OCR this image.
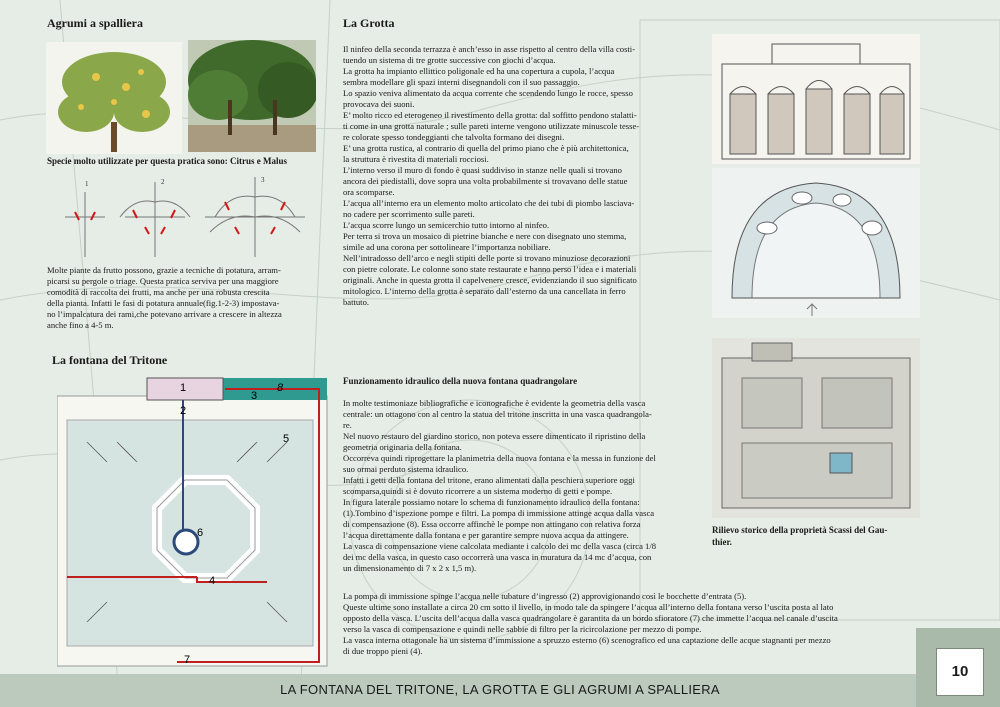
Agrumi a spalliera
Specie molto utilizzate per questa pratica sono: Citrus e Malus
1	2	3

Molte piante da frutto possono, grazie a tecniche di potatura, arram-
picarsi su pergole o triage. Questa pratica serviva per una maggiore
comodità di raccolta dei frutti, ma anche per una robusta crescita
della pianta. Infatti le fasi di potatura annuale(fig.1-2-3) impostava-
no l’impalcatura dei rami,che potevano arrivare a crescere in altezza
anche fino a 4-5 m.

La fontana del Tritone
1
2
3
4
5
6
7
8
La Grotta

Il ninfeo della seconda terrazza è anch’esso in asse rispetto al centro della villa costi-
tuendo un sistema di tre grotte successive con giochi d’acqua.
La grotta ha impianto ellittico poligonale ed ha una copertura a cupola, l’acqua
sembra modellare gli spazi interni disegnandoli con il suo passaggio.
Lo spazio veniva alimentato da acqua corrente che scendendo lungo le rocce, spesso
provocava dei suoni.
E’ molto ricco ed eterogeneo il rivestimento della grotta: dal soffitto pendono stalatti-
ti come in una grotta naturale ; sulle pareti interne vengono utilizzate minuscole tesse-
re colorate spesso tondeggianti che talvolta formano dei disegni.
E’ una grotta rustica, al contrario di quella del primo piano che è più architettonica,
la struttura è rivestita di materiali rocciosi.
L’interno verso il muro di fondo è quasi suddiviso in stanze nelle quali si trovano
ancora dei piedistalli, dove sopra una volta probabilmente si trovavano delle statue
ora scomparse.
L’acqua all’interno era un elemento molto articolato che dei tubi di piombo lasciava-
no cadere per scorrimento sulle pareti.
L’acqua scorre lungo un semicerchio tutto intorno al ninfeo.
Per terra si trova un mosaico di pietrine bianche e nere con disegnato uno stemma,
simile ad una corona per sottolineare l’importanza nobiliare.
Nell’intradosso dell’arco e negli stipiti delle porte si trovano minuziose decorazioni
con pietre colorate. Le colonne sono state restaurate e hanno perso l’idea e i materiali
originali. Anche in questa grotta il capelvenere cresce, evidenziando il suo significato
mitologico. L’interno della grotta è separato dall’esterno da una cancellata in ferro
battuto.

Funzionamento idraulico della nuova fontana quadrangolare

In molte testimoniaze bibliografiche e iconografiche è evidente la geometria della vasca
centrale: un ottagono con al centro la statua del tritone inscritta in una vasca quadrangola-
re.
Nel nuovo restauro del giardino storico, non poteva essere dimenticato il ripristino della
geometria originaria della fontana.
Occorreva quindi riprogettare la planimetria della nuova fontana e la messa in funzione del
suo ormai perduto sistema idraulico.
Infatti i getti della fontana del tritone, erano alimentati dalla peschiera superiore oggi
scomparsa,quindi si è dovuto ricorrere a un sistema moderno di getti e pompe.
In figura laterale possiamo notare lo schema di funzionamento idraulico della fontana:
(1).Tombino d’ispezione pompe e filtri. La pompa di immissione attinge acqua dalla vasca
di compensazione (8). Essa occorre affinchè le pompe non attingano con relativa forza
l’acqua direttamente dalla fontana e per garantire sempre nuova acqua da attingere.
La vasca di compensazione viene calcolata mediante i calcolo dei mc della vasca (circa 1/8
dei mc della vasca, in questo caso occorrerà una vasca in muratura da 14 mc d’acqua, con
un dimensionamento di 7 x 2 x 1,5 m).

La pompa di immissione spinge l’acqua nelle tubature d’ingresso (2) approvigionando così le bocchette d’entrata (5).
Queste ultime sono installate a circa 20 cm sotto il livello, in modo tale da spingere l’acqua all’interno della fontana verso l’uscita posta al lato
opposto della vasca. L’uscita dell’acqua dalla vasca quadrangolare è garantita da un bordo sfioratore (7) che immette l’acqua nel canale d’uscita
verso la vasca di compensazione e quindi nelle sabbie di filtro per la ricircolazione per mezzo di pompe.
La vasca interna ottagonale ha un sistema d’immissione a spruzzo esterno (6) scenografico ed una captazione delle acque stagnanti per mezzo
di due troppo pieni (4).

Rilievo storico della proprietà Scassi del Gau-
thier.
LA FONTANA DEL TRITONE, LA GROTTA E GLI AGRUMI A SPALLIERA
10
